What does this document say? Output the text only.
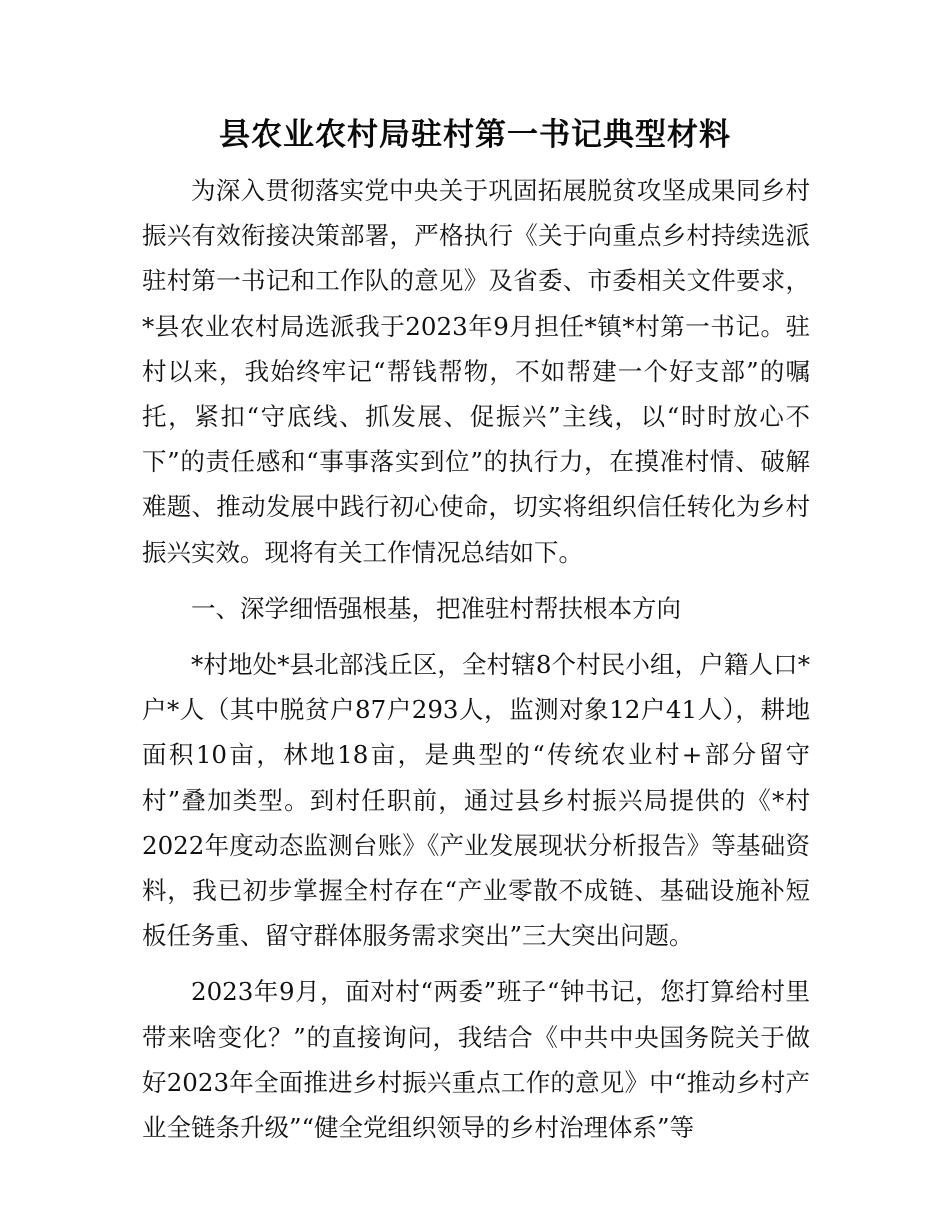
县农业农村局驻村第一书记典型材料

为深入贯彻落实党中央关于巩固拓展脱贫攻坚成果同乡村振兴有效衔接决策部署，严格执行《关于向重点乡村持续选派驻村第一书记和工作队的意见》及省委、市委相关文件要求，*县农业农村局选派我于2023年9月担任*镇*村第一书记。驻村以来，我始终牢记“帮钱帮物，不如帮建一个好支部”的嘱托，紧扣“守底线、抓发展、促振兴”主线，以“时时放心不下”的责任感和“事事落实到位”的执行力，在摸准村情、破解难题、推动发展中践行初心使命，切实将组织信任转化为乡村振兴实效。现将有关工作情况总结如下。

一、深学细悟强根基，把准驻村帮扶根本方向

*村地处*县北部浅丘区，全村辖8个村民小组，户籍人口*户*人（其中脱贫户87户293人，监测对象12户41人），耕地面积10亩，林地18亩，是典型的“传统农业村+部分留守村”叠加类型。到村任职前，通过县乡村振兴局提供的《*村2022年度动态监测台账》《产业发展现状分析报告》等基础资料，我已初步掌握全村存在“产业零散不成链、基础设施补短板任务重、留守群体服务需求突出”三大突出问题。

2023年9月，面对村“两委”班子“钟书记，您打算给村里带来啥变化？”的直接询问，我结合《中共中央国务院关于做好2023年全面推进乡村振兴重点工作的意见》中“推动乡村产业全链条升级”“健全党组织领导的乡村治理体系”等
